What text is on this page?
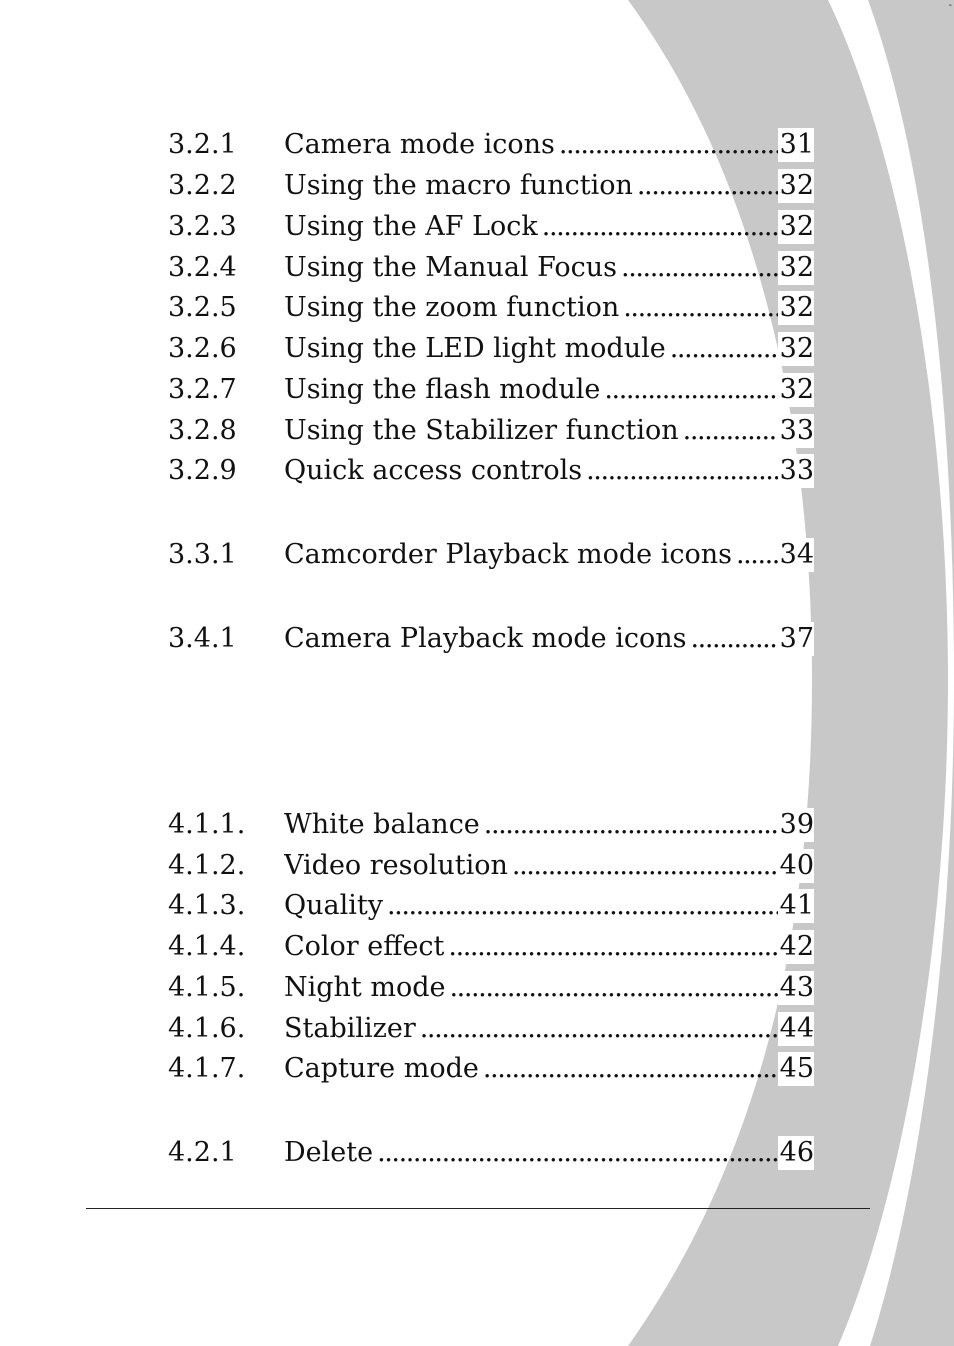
-
3.2.1 Camera mode icons . . .	31
3.2.2 Using the macro function . . .	32
3.2.3 Using the AF Lock . . .	32
3.2.4 Using the Manual Focus . . .	32
3.2.5 Using the zoom function . . .	32
3.2.6 Using the LED light module . . .	32
3.2.7 Using the flash module . . .	32
3.2.8 Using the Stabilizer function . . .	33
3.2.9 Quick access controls . . .	33
3.3.1 Camcorder Playback mode icons . . .	34
3.4.1 Camera Playback mode icons . . .	37
4.1.1. White balance . . .	39
4.1.2. Video resolution . . .	40
4.1.3. Quality . . .	41
4.1.4. Color effect . . .	42
4.1.5. Night mode . . .	43
4.1.6. Stabilizer . . .	44
4.1.7. Capture mode . . .	45
4.2.1 Delete . . .	46
